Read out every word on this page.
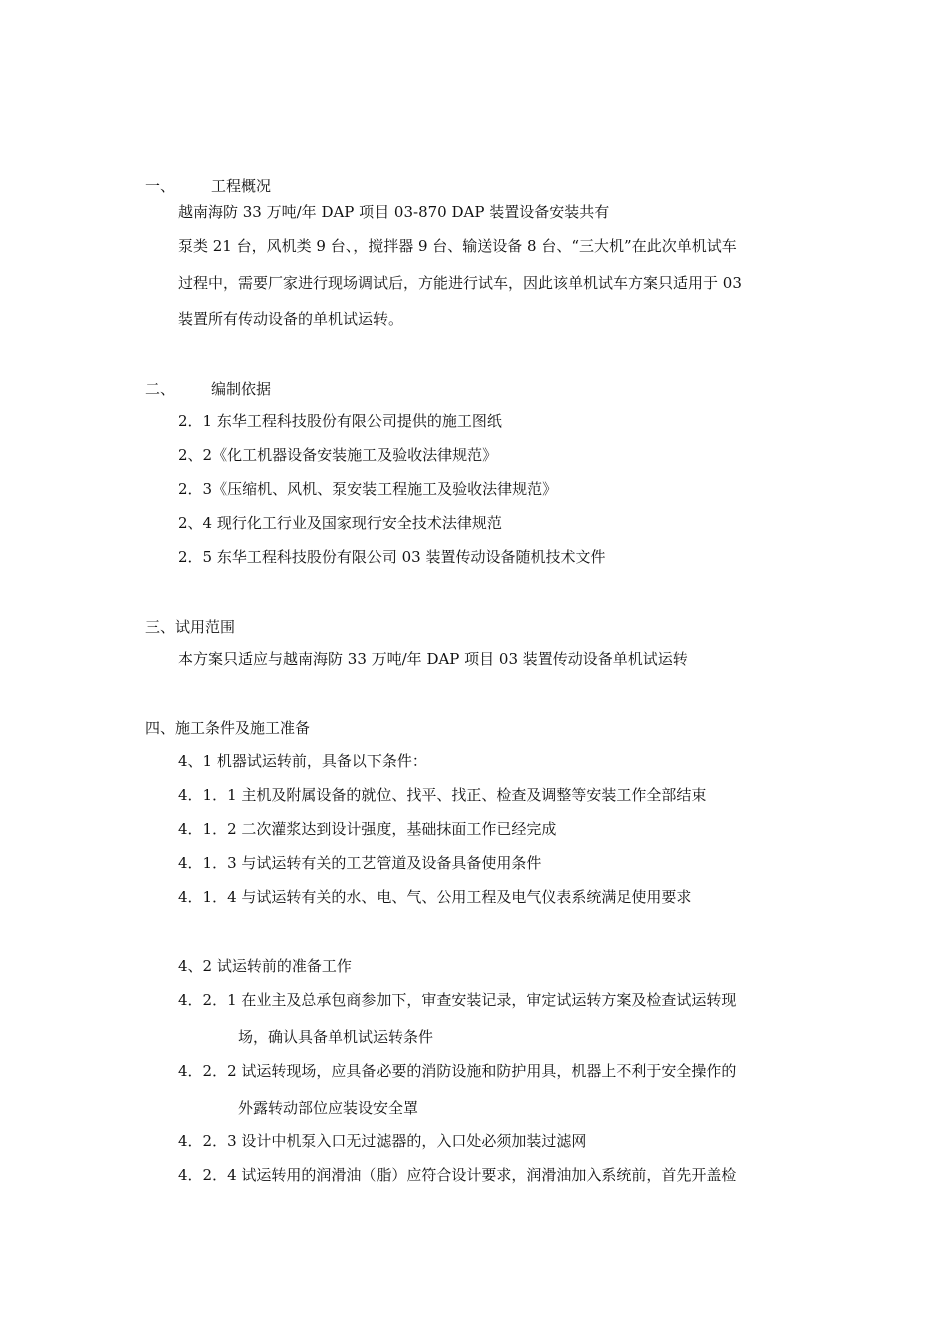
一、 工程概况
越南海防 33 万吨/年 DAP 项目 03-870 DAP 装置设备安装共有
泵类 21 台，风机类 9 台、，搅拌器 9 台、输送设备 8 台、“三大机”在此次单机试车
过程中，需要厂家进行现场调试后，方能进行试车，因此该单机试车方案只适用于 03
装置所有传动设备的单机试运转。
二、 编制依据
2．1 东华工程科技股份有限公司提供的施工图纸
2、2《化工机器设备安装施工及验收法律规范》
2．3《压缩机、风机、泵安装工程施工及验收法律规范》
2、4 现行化工行业及国家现行安全技术法律规范
2．5 东华工程科技股份有限公司 03 装置传动设备随机技术文件
三、试用范围
本方案只适应与越南海防 33 万吨/年 DAP 项目 03 装置传动设备单机试运转
四、施工条件及施工准备
4、1 机器试运转前，具备以下条件：
4．1．1 主机及附属设备的就位、找平、找正、检查及调整等安装工作全部结束
4．1．2 二次灌浆达到设计强度，基础抹面工作已经完成
4．1．3 与试运转有关的工艺管道及设备具备使用条件
4．1．4 与试运转有关的水、电、气、公用工程及电气仪表系统满足使用要求
4、2 试运转前的准备工作
4．2．1 在业主及总承包商参加下，审查安装记录，审定试运转方案及检查试运转现
场，确认具备单机试运转条件
4．2．2 试运转现场，应具备必要的消防设施和防护用具，机器上不利于安全操作的
外露转动部位应装设安全罩
4．2．3 设计中机泵入口无过滤器的，入口处必须加装过滤网
4．2．4 试运转用的润滑油（脂）应符合设计要求，润滑油加入系统前，首先开盖检
